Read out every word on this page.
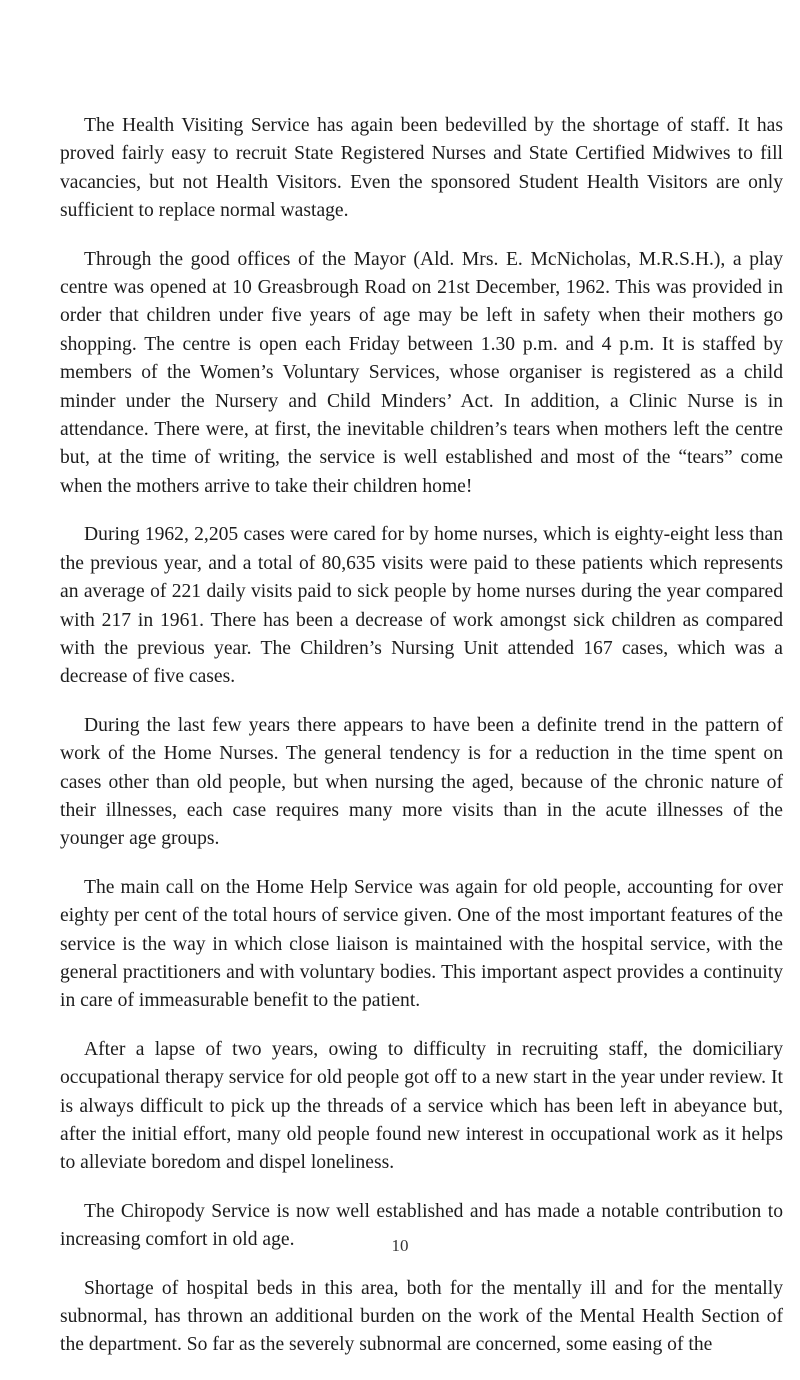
The Health Visiting Service has again been bedevilled by the shortage of staff. It has proved fairly easy to recruit State Registered Nurses and State Certified Midwives to fill vacancies, but not Health Visitors. Even the sponsored Student Health Visitors are only sufficient to replace normal wastage.

Through the good offices of the Mayor (Ald. Mrs. E. McNicholas, M.R.S.H.), a play centre was opened at 10 Greasbrough Road on 21st December, 1962. This was provided in order that children under five years of age may be left in safety when their mothers go shopping. The centre is open each Friday between 1.30 p.m. and 4 p.m. It is staffed by members of the Women’s Voluntary Services, whose organiser is registered as a child minder under the Nursery and Child Minders’ Act. In addition, a Clinic Nurse is in attendance. There were, at first, the inevitable children’s tears when mothers left the centre but, at the time of writing, the service is well established and most of the “tears” come when the mothers arrive to take their children home!

During 1962, 2,205 cases were cared for by home nurses, which is eighty-eight less than the previous year, and a total of 80,635 visits were paid to these patients which represents an average of 221 daily visits paid to sick people by home nurses during the year compared with 217 in 1961. There has been a decrease of work amongst sick children as compared with the previous year. The Children’s Nursing Unit attended 167 cases, which was a decrease of five cases.

During the last few years there appears to have been a definite trend in the pattern of work of the Home Nurses. The general tendency is for a reduction in the time spent on cases other than old people, but when nursing the aged, because of the chronic nature of their illnesses, each case requires many more visits than in the acute illnesses of the younger age groups.

The main call on the Home Help Service was again for old people, accounting for over eighty per cent of the total hours of service given. One of the most important features of the service is the way in which close liaison is maintained with the hospital service, with the general practitioners and with voluntary bodies. This important aspect provides a continuity in care of immeasurable benefit to the patient.

After a lapse of two years, owing to difficulty in recruiting staff, the domiciliary occupational therapy service for old people got off to a new start in the year under review. It is always difficult to pick up the threads of a service which has been left in abeyance but, after the initial effort, many old people found new interest in occupational work as it helps to alleviate boredom and dispel loneliness.

The Chiropody Service is now well established and has made a notable contribution to increasing comfort in old age.

Shortage of hospital beds in this area, both for the mentally ill and for the mentally subnormal, has thrown an additional burden on the work of the Mental Health Section of the department. So far as the severely subnormal are concerned, some easing of the

10
